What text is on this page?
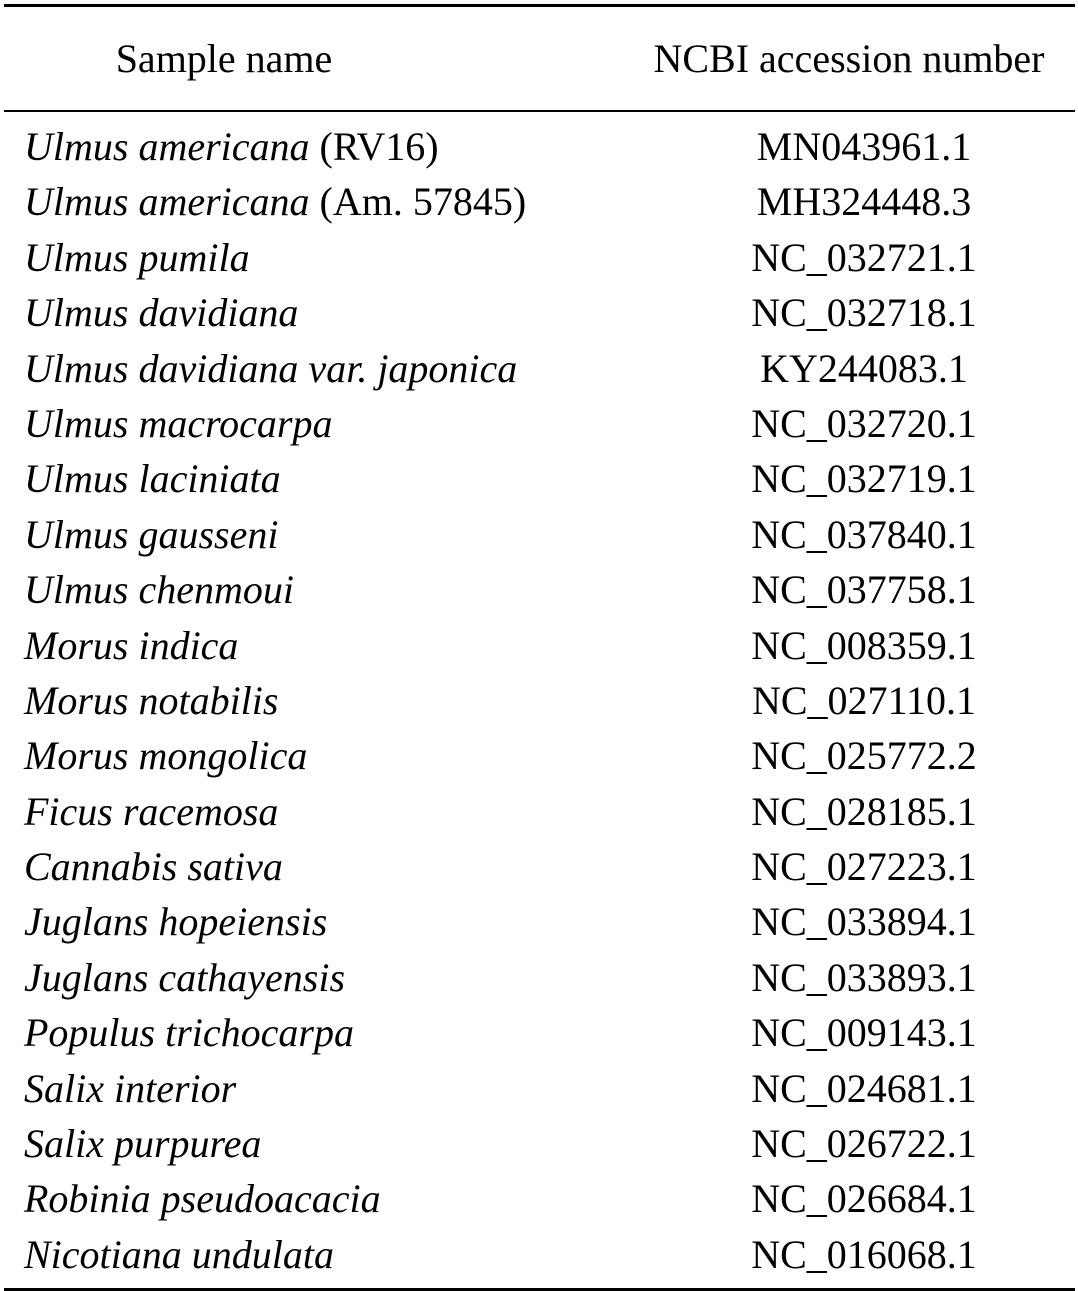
Sample name	NCBI accession number
Ulmus americana (RV16)	MN043961.1
Ulmus americana (Am. 57845)	MH324448.3
Ulmus pumila	NC_032721.1
Ulmus davidiana	NC_032718.1
Ulmus davidiana var. japonica	KY244083.1
Ulmus macrocarpa	NC_032720.1
Ulmus laciniata	NC_032719.1
Ulmus gausseni	NC_037840.1
Ulmus chenmoui	NC_037758.1
Morus indica	NC_008359.1
Morus notabilis	NC_027110.1
Morus mongolica	NC_025772.2
Ficus racemosa	NC_028185.1
Cannabis sativa	NC_027223.1
Juglans hopeiensis	NC_033894.1
Juglans cathayensis	NC_033893.1
Populus trichocarpa	NC_009143.1
Salix interior	NC_024681.1
Salix purpurea	NC_026722.1
Robinia pseudoacacia	NC_026684.1
Nicotiana undulata	NC_016068.1
